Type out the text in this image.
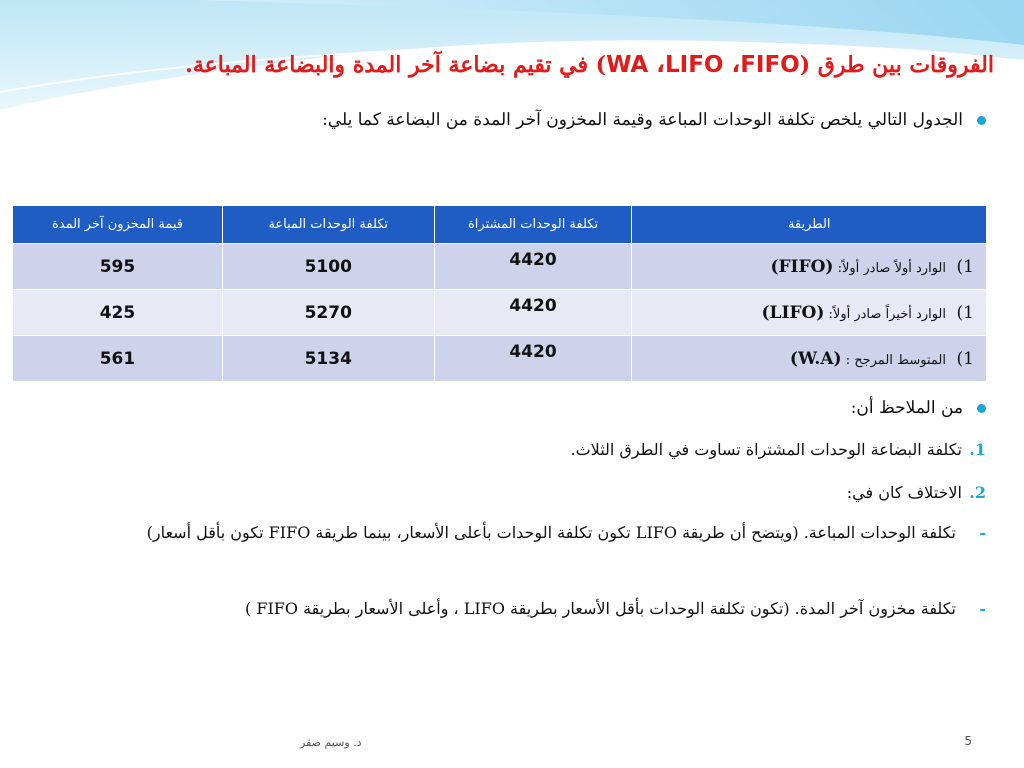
الفروقات بين طرق (WA ،LIFO ،FIFO) في تقيم بضاعة آخر المدة والبضاعة المباعة.
الجدول التالي يلخص تكلفة الوحدات المباعة وقيمة المخزون آخر المدة من البضاعة كما يلي:
الطريقة	تكلفة الوحدات المشتراة	تكلفة الوحدات المباعة	قيمة المخزون آخر المدة
1)الوارد أولاً صادر أولاً: (FIFO)	4420	5100	595
1)الوارد أخيراً صادر أولاً: (LIFO)	4420	5270	425
1)المتوسط المرجح : (W.A)	4420	5134	561
من الملاحظ أن:
1.تكلفة البضاعة الوحدات المشتراة تساوت في الطرق الثلاث.
2.الاختلاف كان في:
-
تكلفة الوحدات المباعة. (ويتضح أن طريقة LIFO تكون تكلفة الوحدات بأعلى الأسعار، بينما طريقة FIFO تكون بأقل أسعار)
-
تكلفة مخزون آخر المدة. (تكون تكلفة الوحدات بأقل الأسعار بطريقة LIFO ، وأعلى الأسعار بطريقة FIFO )
د. وسيم صقر	5
